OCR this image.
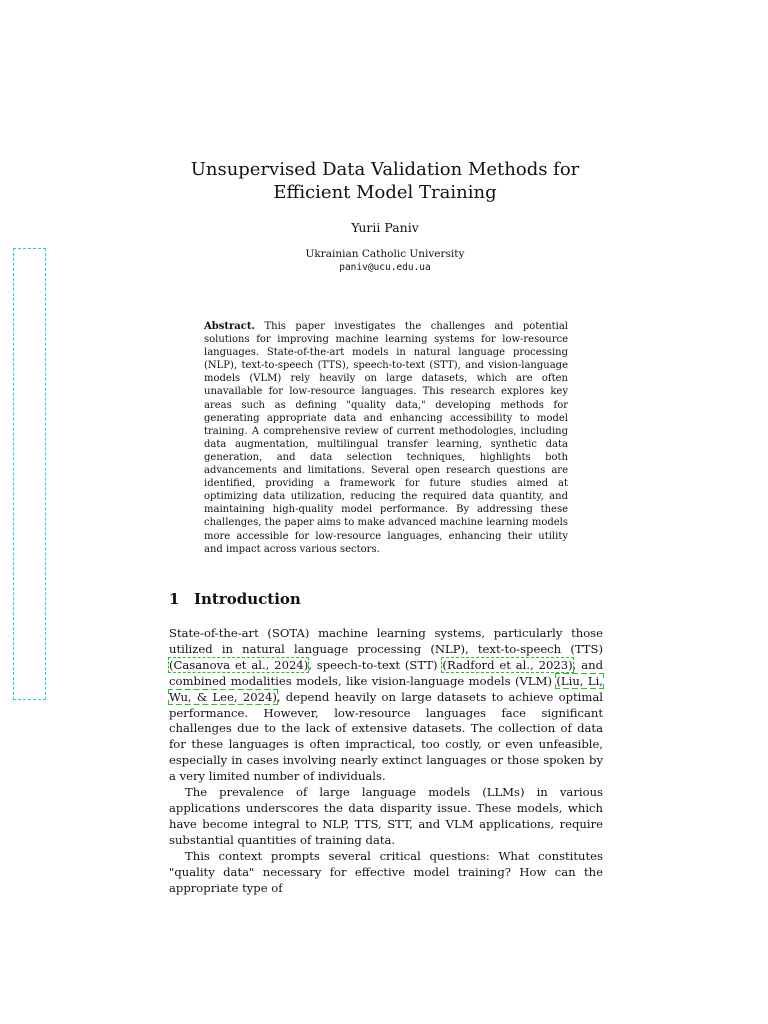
Unsupervised Data Validation Methods for Efficient Model Training
Yurii Paniv
Ukrainian Catholic University
paniv@ucu.edu.ua
Abstract. This paper investigates the challenges and potential solutions for improving machine learning systems for low-resource languages. State-of-the-art models in natural language processing (NLP), text-to-speech (TTS), speech-to-text (STT), and vision-language models (VLM) rely heavily on large datasets, which are often unavailable for low-resource languages. This research explores key areas such as defining "quality data," developing methods for generating appropriate data and enhancing accessibility to model training. A comprehensive review of current methodologies, including data augmentation, multilingual transfer learning, synthetic data generation, and data selection techniques, highlights both advancements and limitations. Several open research questions are identified, providing a framework for future studies aimed at optimizing data utilization, reducing the required data quantity, and maintaining high-quality model performance. By addressing these challenges, the paper aims to make advanced machine learning models more accessible for low-resource languages, enhancing their utility and impact across various sectors.
1 Introduction

State-of-the-art (SOTA) machine learning systems, particularly those utilized in natural language processing (NLP), text-to-speech (TTS) (Casanova et al., 2024), speech-to-text (STT) (Radford et al., 2023), and combined modalities models, like vision-language models (VLM) (Liu, Li, Wu, & Lee, 2024), depend heavily on large datasets to achieve optimal performance. However, low-resource languages face significant challenges due to the lack of extensive datasets. The collection of data for these languages is often impractical, too costly, or even unfeasible, especially in cases involving nearly extinct languages or those spoken by a very limited number of individuals.

The prevalence of large language models (LLMs) in various applications underscores the data disparity issue. These models, which have become integral to NLP, TTS, STT, and VLM applications, require substantial quantities of training data.

This context prompts several critical questions: What constitutes "quality data" necessary for effective model training? How can the appropriate type of
